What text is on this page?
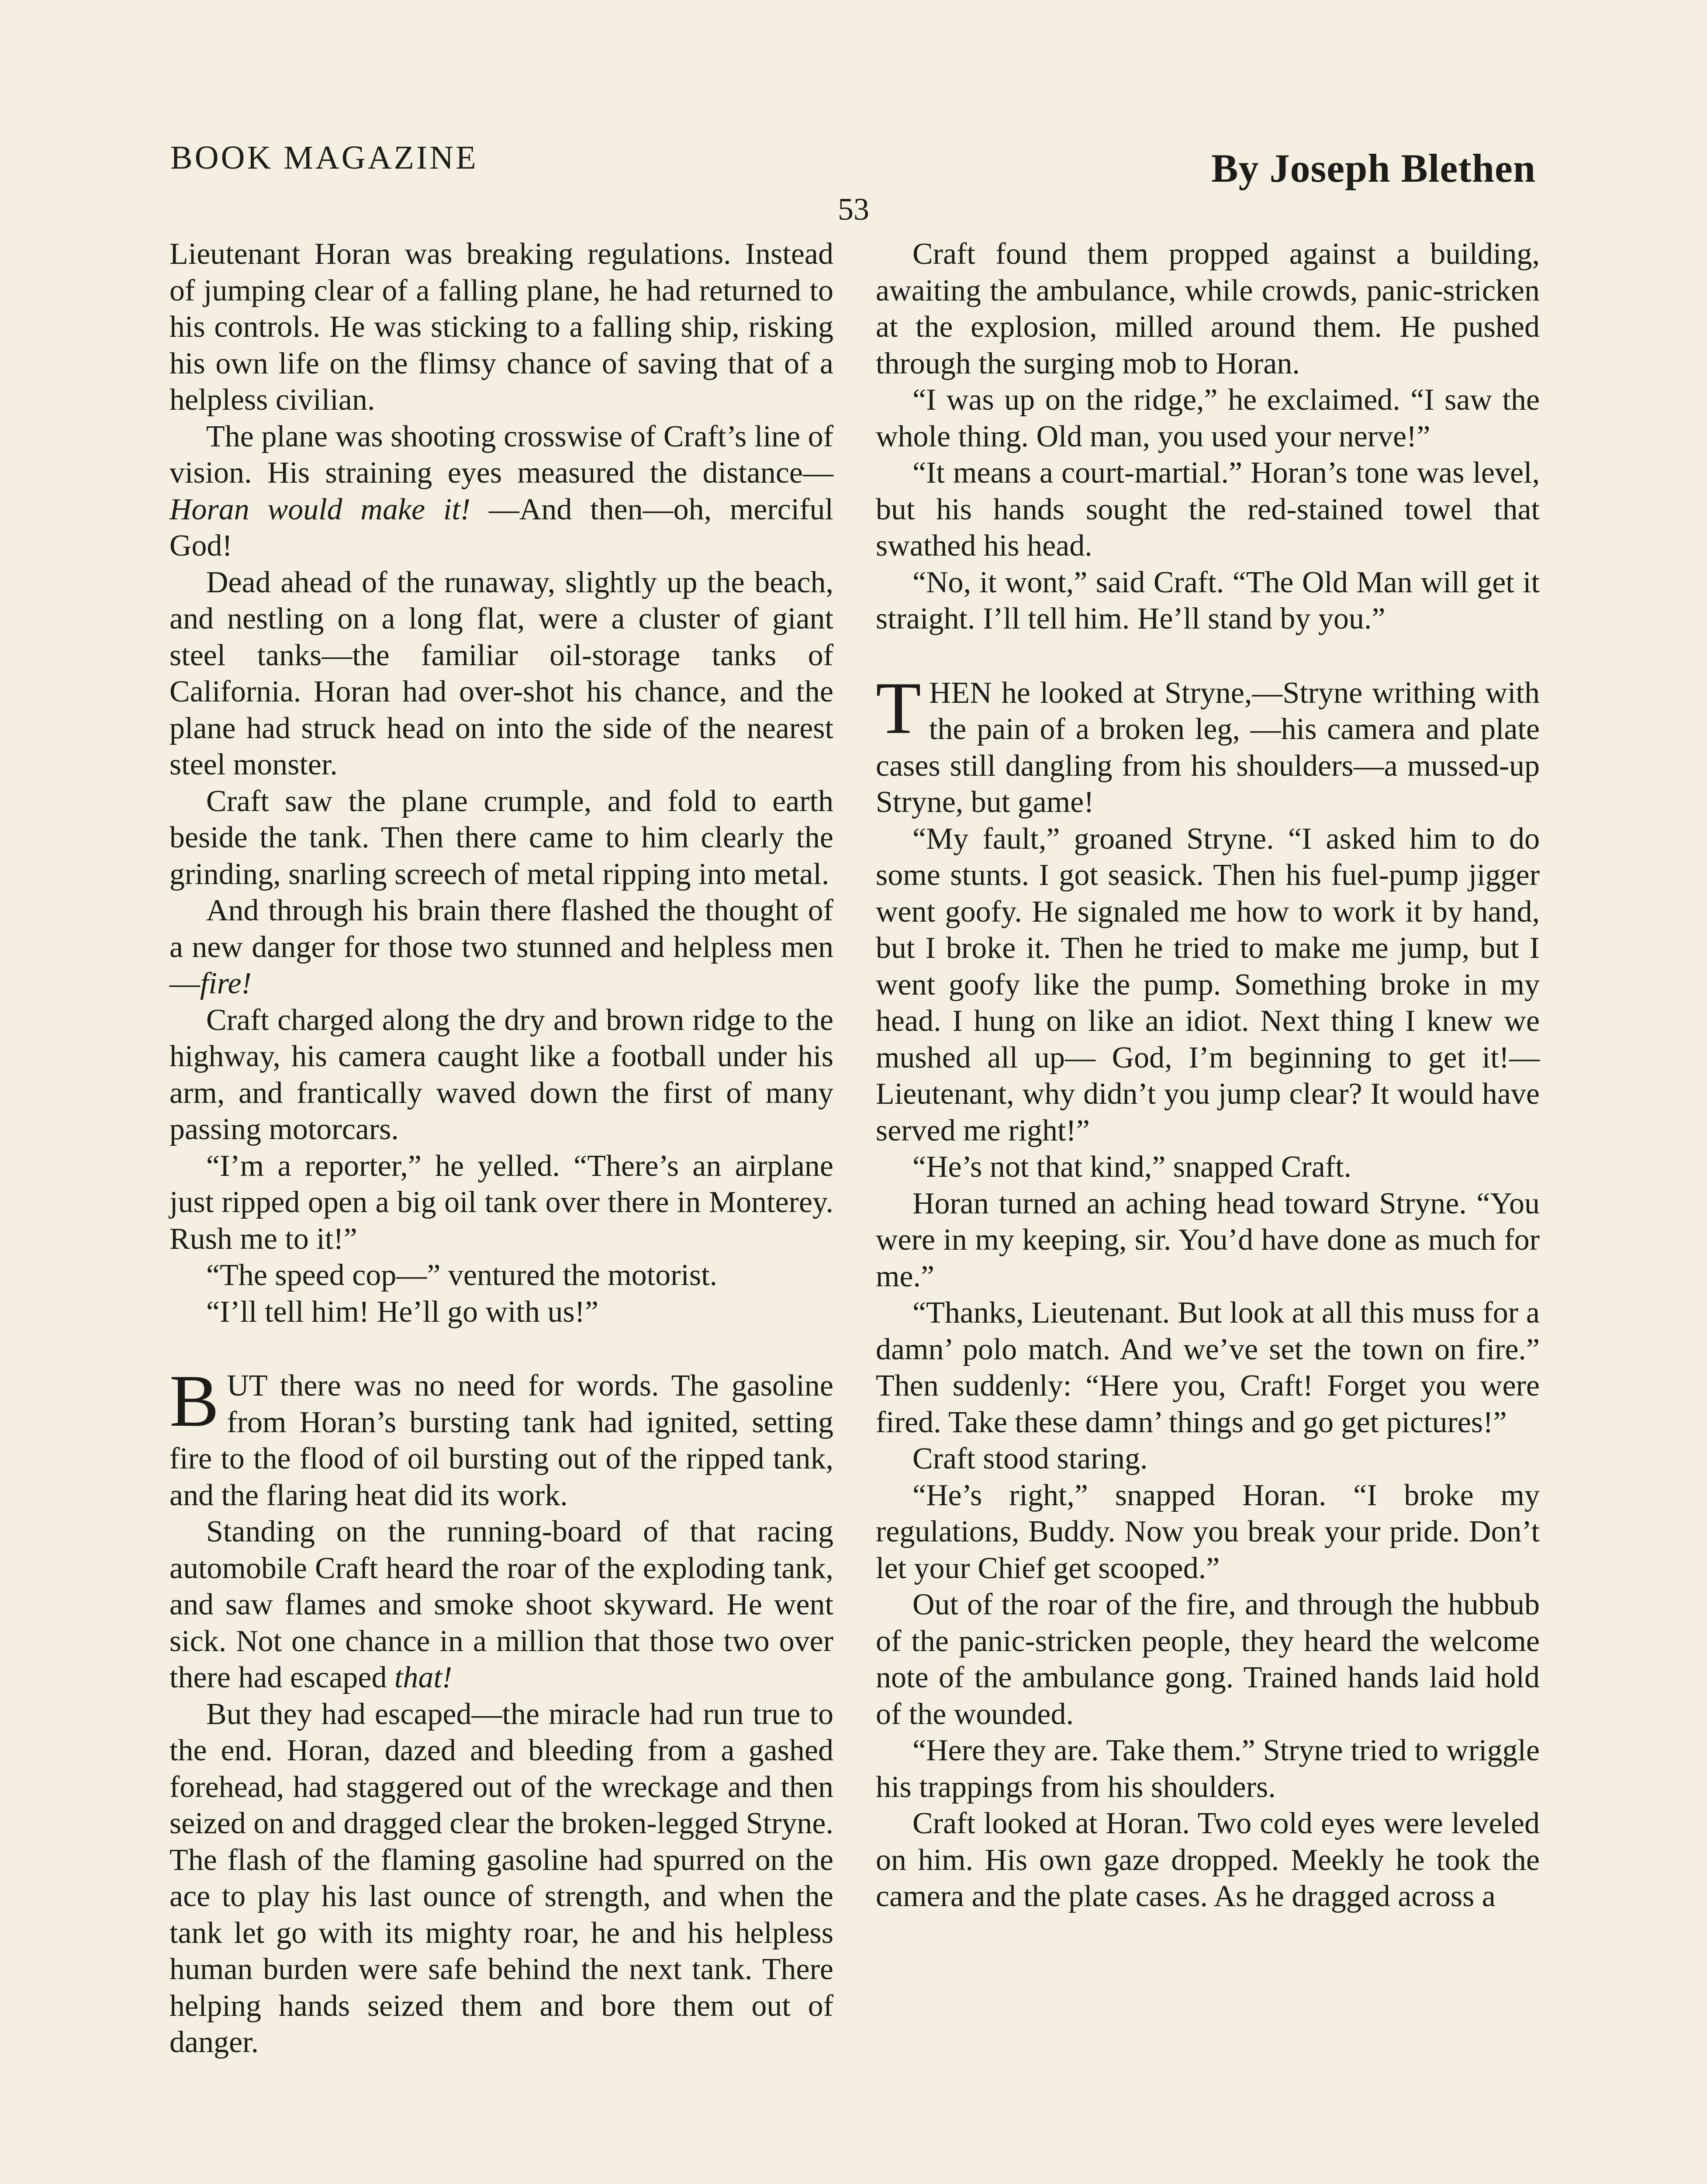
BOOK MAGAZINE	By Joseph Blethen
53

Lieutenant Horan was breaking regulations. Instead of jumping clear of a falling plane, he had returned to his controls. He was sticking to a falling ship, risking his own life on the flimsy chance of saving that of a helpless civilian.

The plane was shooting crosswise of Craft’s line of vision. His straining eyes measured the distance—Horan would make it! —And then—oh, merciful God!

Dead ahead of the runaway, slightly up the beach, and nestling on a long flat, were a cluster of giant steel tanks—the familiar oil-storage tanks of California. Horan had over-shot his chance, and the plane had struck head on into the side of the nearest steel monster.

Craft saw the plane crumple, and fold to earth beside the tank. Then there came to him clearly the grinding, snarling screech of metal ripping into metal.

And through his brain there flashed the thought of a new danger for those two stunned and helpless men—fire!

Craft charged along the dry and brown ridge to the highway, his camera caught like a football under his arm, and frantically waved down the first of many passing motorcars.

“I’m a reporter,” he yelled. “There’s an airplane just ripped open a big oil tank over there in Monterey. Rush me to it!”

“The speed cop—” ventured the motorist.

“I’ll tell him! He’ll go with us!”

BUT there was no need for words. The gasoline from Horan’s bursting tank had ignited, setting fire to the flood of oil bursting out of the ripped tank, and the flaring heat did its work.

Standing on the running-board of that racing automobile Craft heard the roar of the exploding tank, and saw flames and smoke shoot skyward. He went sick. Not one chance in a million that those two over there had escaped that!

But they had escaped—the miracle had run true to the end. Horan, dazed and bleeding from a gashed forehead, had staggered out of the wreckage and then seized on and dragged clear the broken-legged Stryne. The flash of the flaming gasoline had spurred on the ace to play his last ounce of strength, and when the tank let go with its mighty roar, he and his helpless human burden were safe behind the next tank. There helping hands seized them and bore them out of danger.

Craft found them propped against a building, awaiting the ambulance, while crowds, panic-stricken at the explosion, milled around them. He pushed through the surging mob to Horan.

“I was up on the ridge,” he exclaimed. “I saw the whole thing. Old man, you used your nerve!”

“It means a court-martial.” Horan’s tone was level, but his hands sought the red-stained towel that swathed his head.

“No, it wont,” said Craft. “The Old Man will get it straight. I’ll tell him. He’ll stand by you.”

THEN he looked at Stryne,—Stryne writhing with the pain of a broken leg, —his camera and plate cases still dangling from his shoulders—a mussed-up Stryne, but game!

“My fault,” groaned Stryne. “I asked him to do some stunts. I got seasick. Then his fuel-pump jigger went goofy. He signaled me how to work it by hand, but I broke it. Then he tried to make me jump, but I went goofy like the pump. Something broke in my head. I hung on like an idiot. Next thing I knew we mushed all up— God, I’m beginning to get it!— Lieutenant, why didn’t you jump clear? It would have served me right!”

“He’s not that kind,” snapped Craft.

Horan turned an aching head toward Stryne. “You were in my keeping, sir. You’d have done as much for me.”

“Thanks, Lieutenant. But look at all this muss for a damn’ polo match. And we’ve set the town on fire.” Then suddenly: “Here you, Craft! Forget you were fired. Take these damn’ things and go get pictures!”

Craft stood staring.

“He’s right,” snapped Horan. “I broke my regulations, Buddy. Now you break your pride. Don’t let your Chief get scooped.”

Out of the roar of the fire, and through the hubbub of the panic-stricken people, they heard the welcome note of the ambulance gong. Trained hands laid hold of the wounded.

“Here they are. Take them.” Stryne tried to wriggle his trappings from his shoulders.

Craft looked at Horan. Two cold eyes were leveled on him. His own gaze dropped. Meekly he took the camera and the plate cases. As he dragged across a
